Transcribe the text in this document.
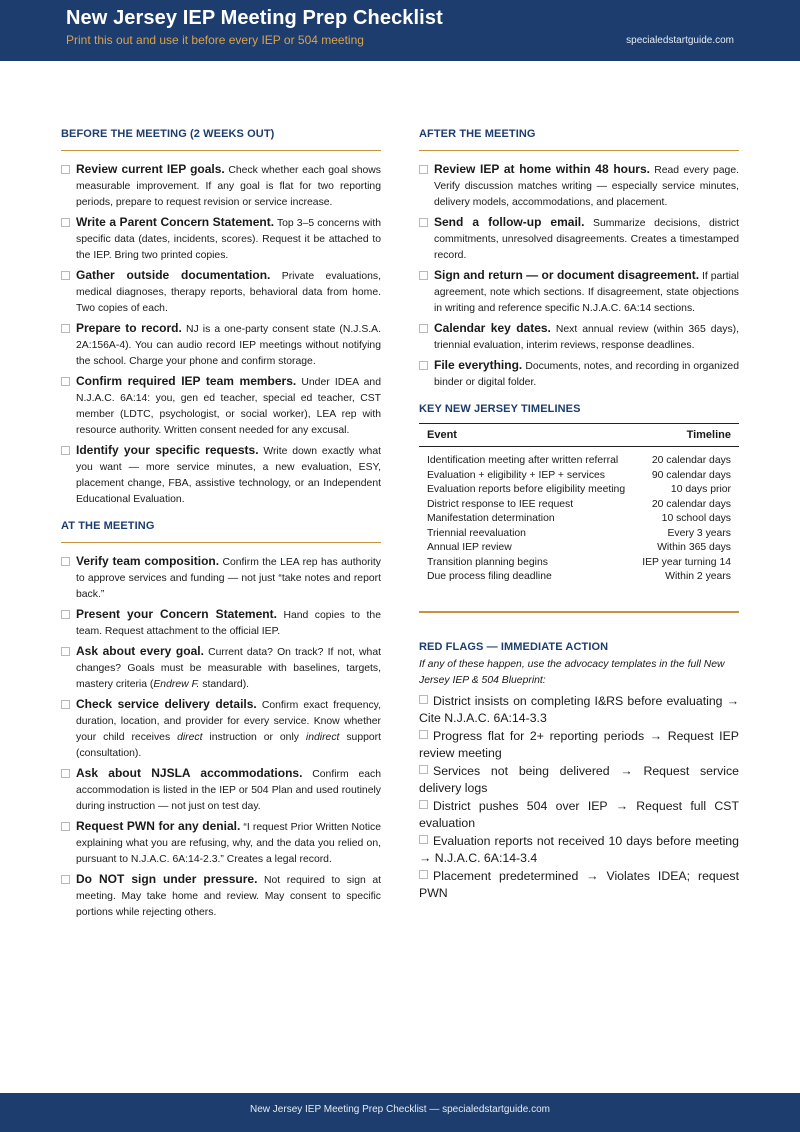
New Jersey IEP Meeting Prep Checklist
Print this out and use it before every IEP or 504 meeting	specialedstartguide.com
BEFORE THE MEETING (2 WEEKS OUT)
Review current IEP goals. Check whether each goal shows measurable improvement. If any goal is flat for two reporting periods, prepare to request revision or service increase.
Write a Parent Concern Statement. Top 3–5 concerns with specific data (dates, incidents, scores). Request it be attached to the IEP. Bring two printed copies.
Gather outside documentation. Private evaluations, medical diagnoses, therapy reports, behavioral data from home. Two copies of each.
Prepare to record. NJ is a one-party consent state (N.J.S.A. 2A:156A-4). You can audio record IEP meetings without notifying the school. Charge your phone and confirm storage.
Confirm required IEP team members. Under IDEA and N.J.A.C. 6A:14: you, gen ed teacher, special ed teacher, CST member (LDTC, psychologist, or social worker), LEA rep with resource authority. Written consent needed for any excusal.
Identify your specific requests. Write down exactly what you want — more service minutes, a new evaluation, ESY, placement change, FBA, assistive technology, or an Independent Educational Evaluation.
AT THE MEETING
Verify team composition. Confirm the LEA rep has authority to approve services and funding — not just “take notes and report back.”
Present your Concern Statement. Hand copies to the team. Request attachment to the official IEP.
Ask about every goal. Current data? On track? If not, what changes? Goals must be measurable with baselines, targets, mastery criteria (Endrew F. standard).
Check service delivery details. Confirm exact frequency, duration, location, and provider for every service. Know whether your child receives direct instruction or only indirect support (consultation).
Ask about NJSLA accommodations. Confirm each accommodation is listed in the IEP or 504 Plan and used routinely during instruction — not just on test day.
Request PWN for any denial. “I request Prior Written Notice explaining what you are refusing, why, and the data you relied on, pursuant to N.J.A.C. 6A:14-2.3.” Creates a legal record.
Do NOT sign under pressure. Not required to sign at meeting. May take home and review. May consent to specific portions while rejecting others.
AFTER THE MEETING
Review IEP at home within 48 hours. Read every page. Verify discussion matches writing — especially service minutes, delivery models, accommodations, and placement.
Send a follow-up email. Summarize decisions, district commitments, unresolved disagreements. Creates a timestamped record.
Sign and return — or document disagreement. If partial agreement, note which sections. If disagreement, state objections in writing and reference specific N.J.A.C. 6A:14 sections.
Calendar key dates. Next annual review (within 365 days), triennial evaluation, interim reviews, response deadlines.
File everything. Documents, notes, and recording in organized binder or digital folder.
KEY NEW JERSEY TIMELINES
Event	Timeline
Identification meeting after written referral	20 calendar days
Evaluation + eligibility + IEP + services	90 calendar days
Evaluation reports before eligibility meeting	10 days prior
District response to IEE request	20 calendar days
Manifestation determination	10 school days
Triennial reevaluation	Every 3 years
Annual IEP review	Within 365 days
Transition planning begins	IEP year turning 14
Due process filing deadline	Within 2 years
RED FLAGS — IMMEDIATE ACTION
If any of these happen, use the advocacy templates in the full New Jersey IEP & 504 Blueprint:
District insists on completing I&RS before evaluating → Cite N.J.A.C. 6A:14-3.3
Progress flat for 2+ reporting periods → Request IEP review meeting
Services not being delivered → Request service delivery logs
District pushes 504 over IEP → Request full CST evaluation
Evaluation reports not received 10 days before meeting → N.J.A.C. 6A:14-3.4
Placement predetermined → Violates IDEA; request PWN
New Jersey IEP Meeting Prep Checklist — specialedstartguide.com
